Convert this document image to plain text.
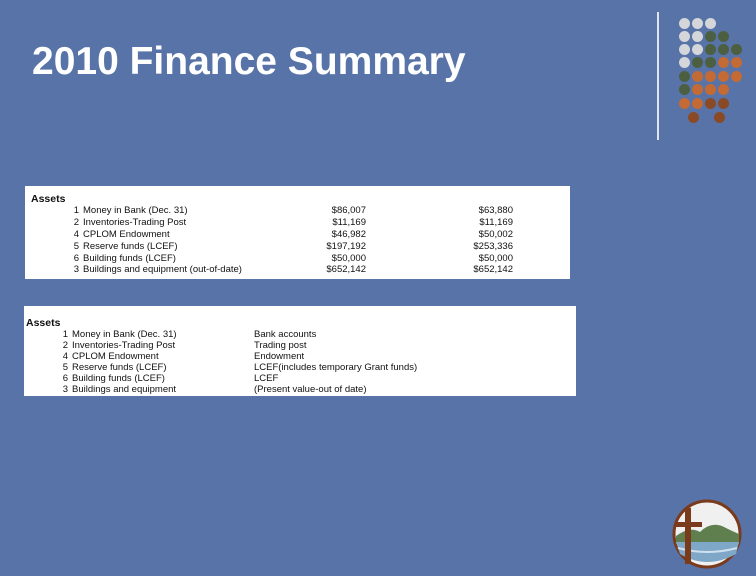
2010 Finance Summary
Assets
1 Money in Bank (Dec. 31)	$86,007	$63,880
2 Inventories-Trading Post	$11,169	$11,169
4 CPLOM Endowment	$46,982	$50,002
5 Reserve funds (LCEF)	$197,192	$253,336
6 Building funds (LCEF)	$50,000	$50,000
3 Buildings and equipment (out-of-date)	$652,142	$652,142
Assets
1 Money in Bank (Dec. 31)	Bank accounts
2 Inventories-Trading Post	Trading post
4 CPLOM Endowment	Endowment
5 Reserve funds (LCEF)	LCEF(includes temporary Grant funds)
6 Building funds (LCEF)	LCEF
3 Buildings and equipment	(Present value-out of date)
